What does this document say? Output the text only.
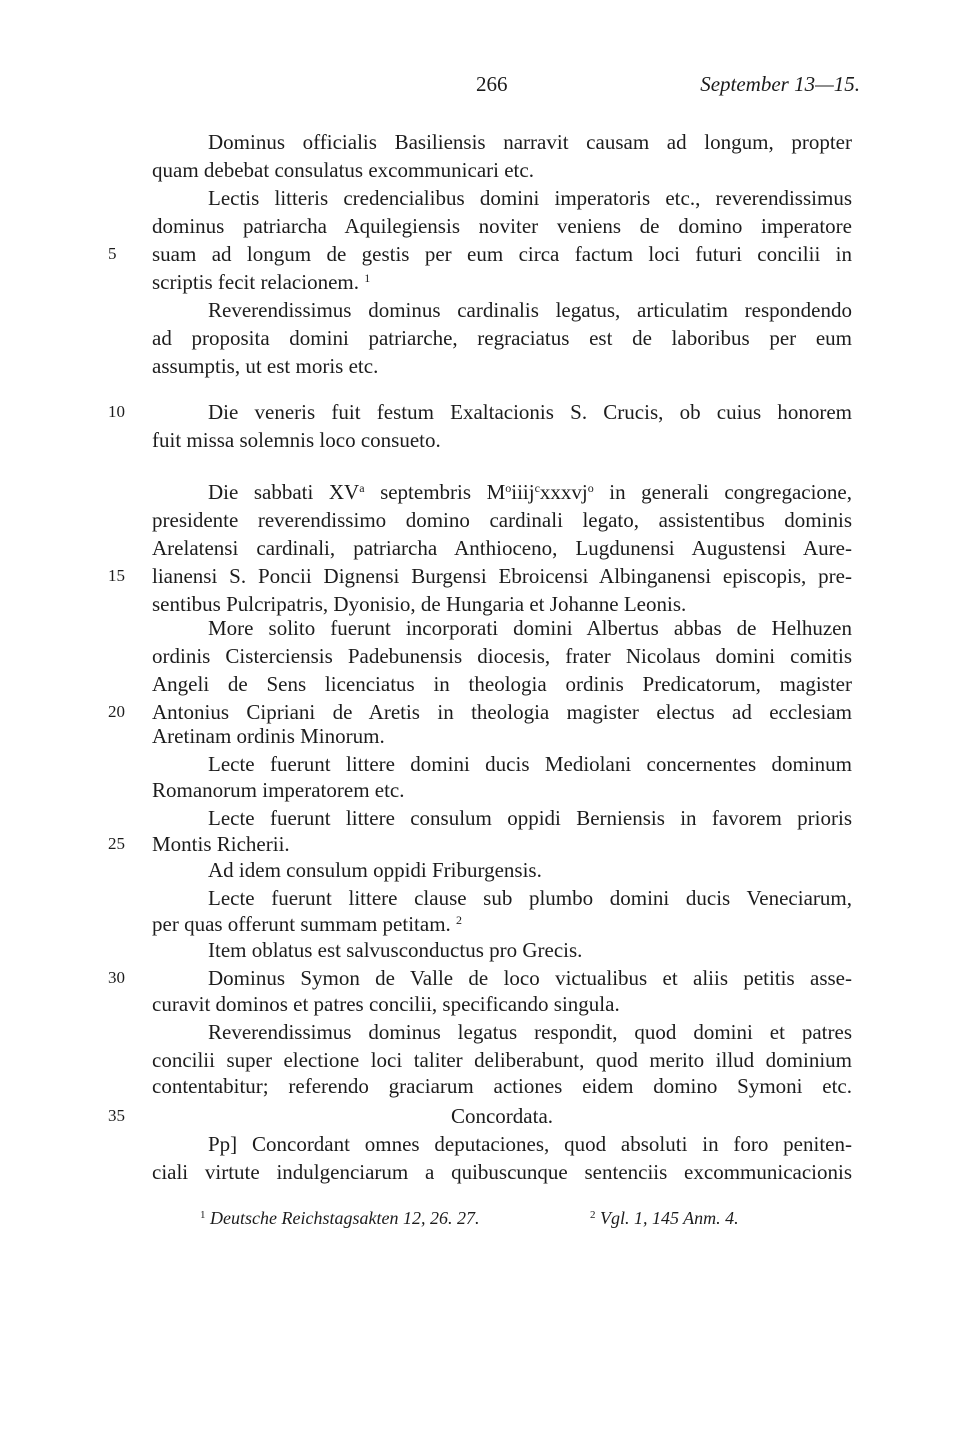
266	September 13—15.
Dominus officialis Basiliensis narravit causam ad longum, propter
quam debebat consulatus excommunicari etc.
Lectis litteris credencialibus domini imperatoris etc., reverendissimus
dominus patriarcha Aquilegiensis noviter veniens de domino imperatore
5	suam ad longum de gestis per eum circa factum loci futuri concilii in
scriptis fecit relacionem. $^1$
Reverendissimus dominus cardinalis legatus, articulatim respondendo
ad proposita domini patriarche, regraciatus est de laboribus per eum
assumptis, ut est moris etc.
10	Die veneris fuit festum Exaltacionis S. Crucis, ob cuius honorem
fuit missa solemnis loco consueto.
Die sabbati $XV^a$ septembris $M^oiiij^cxxxvj^o$ in generali congregacione,
presidente reverendissimo domino cardinali legato, assistentibus dominis
Arelatensi cardinali, patriarcha Anthioceno, Lugdunensi Augustensi Aure-
15	lianensi S. Poncii Dignensi Burgensi Ebroicensi Albinganensi episcopis, pre-
sentibus Pulcripatris, Dyonisio, de Hungaria et Johanne Leonis.
More solito fuerunt incorporati domini Albertus abbas de Helhuzen
ordinis Cisterciensis Padebunensis diocesis, frater Nicolaus domini comitis
Angeli de Sens licenciatus in theologia ordinis Predicatorum, magister
20	Antonius Cipriani de Aretis in theologia magister electus ad ecclesiam
Aretinam ordinis Minorum.
Lecte fuerunt littere domini ducis Mediolani concernentes dominum
Romanorum imperatorem etc.
Lecte fuerunt littere consulum oppidi Berniensis in favorem prioris
25	Montis Richerii.
Ad idem consulum oppidi Friburgensis.
Lecte fuerunt littere clause sub plumbo domini ducis Veneciarum,
per quas offerunt summam petitam. $^2$
Item oblatus est salvusconductus pro Grecis.
30	Dominus Symon de Valle de loco victualibus et aliis petitis asse-
curavit dominos et patres concilii, specificando singula.
Reverendissimus dominus legatus respondit, quod domini et patres
concilii super electione loci taliter deliberabunt, quod merito illud dominium
contentabitur; referendo graciarum actiones eidem domino Symoni etc.
35	Concordata.
Pp] Concordant omnes deputaciones, quod absoluti in foro peniten-
ciali virtute indulgenciarum a quibuscunque sentenciis excommunicacionis
$^1$ Deutsche Reichstagsakten 12, 26. 27.	$^2$ Vgl. 1, 145 Anm. 4.
